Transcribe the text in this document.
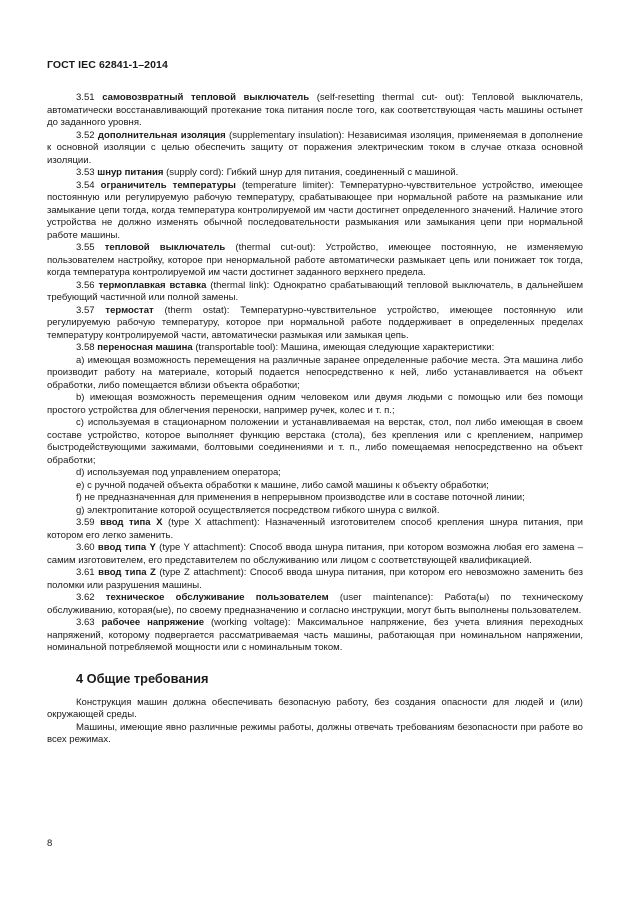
ГОСТ IEC 62841-1–2014

3.51 самовозвратный тепловой выключатель (self-resetting thermal cut- out): Тепловой выключатель, автоматически восстанавливающий протекание тока питания после того, как соответствующая часть машины остынет до заданного уровня.

3.52 дополнительная изоляция (supplementary insulation): Независимая изоляция, применяемая в дополнение к основной изоляции с целью обеспечить защиту от поражения электрическим током в случае отказа основной изоляции.

3.53 шнур питания (supply cord): Гибкий шнур для питания, соединенный с машиной.

3.54 ограничитель температуры (temperature limiter): Температурно-чувствительное устройство, имеющее постоянную или регулируемую рабочую температуру, срабатывающее при нормальной работе на размыкание или замыкание цепи тогда, когда температура контролируемой им части достигнет определенного значений. Наличие этого устройства не должно изменять обычной последовательности размыкания или замыкания цепи при нормальной работе машины.

3.55 тепловой выключатель (thermal cut-out): Устройство, имеющее постоянную, не изменяемую пользователем настройку, которое при ненормальной работе автоматически размыкает цепь или понижает ток тогда, когда температура контролируемой им части достигнет заданного верхнего предела.

3.56 термоплавкая вставка (thermal link): Однократно срабатывающий тепловой выключатель, в дальнейшем требующий частичной или полной замены.

3.57 термостат (therm ostat): Температурно-чувствительное устройство, имеющее постоянную или регулируемую рабочую температуру, которое при нормальной работе поддерживает в определенных пределах температуру контролируемой части, автоматически размыкая или замыкая цепь.

3.58 переносная машина (transportable tool): Машина, имеющая следующие характеристики:

а) имеющая возможность перемещения на различные заранее определенные рабочие места. Эта машина либо производит работу на материале, который подается непосредственно к ней, либо устанавливается на объект обработки, либо помещается вблизи объекта обработки;

b) имеющая возможность перемещения одним человеком или двумя людьми с помощью или без помощи простого устройства для облегчения переноски, например ручек, колес и т. п.;

c) используемая в стационарном положении и устанавливаемая на верстак, стол, пол либо имеющая в своем составе устройство, которое выполняет функцию верстака (стола), без крепления или с креплением, например быстродействующими зажимами, болтовыми соединениями и т. п., либо помещаемая непосредственно на объект обработки;

d) используемая под управлением оператора;

e) с ручной подачей объекта обработки к машине, либо самой машины к объекту обработки;

f) не предназначенная для применения в непрерывном производстве или в составе поточной линии;

g) электропитание которой осуществляется посредством гибкого шнура с вилкой.

3.59 ввод типа X (type X attachment): Назначенный изготовителем способ крепления шнура питания, при котором его легко заменить.

3.60 ввод типа Y (type Y attachment): Способ ввода шнура питания, при котором возможна любая его замена – самим изготовителем, его представителем по обслуживанию или лицом с соответствующей квалификацией.

3.61 ввод типа Z (type Z attachment): Способ ввода шнура питания, при котором его невозможно заменить без поломки или разрушения машины.

3.62 техническое обслуживание пользователем (user maintenance): Работа(ы) по техническому обслуживанию, которая(ые), по своему предназначению и согласно инструкции, могут быть выполнены пользователем.

3.63 рабочее напряжение (working voltage): Максимальное напряжение, без учета влияния переходных напряжений, которому подвергается рассматриваемая часть машины, работающая при номинальном напряжении, номинальной потребляемой мощности или с номинальным током.

4 Общие требования

Конструкция машин должна обеспечивать безопасную работу, без создания опасности для людей и (или) окружающей среды.

Машины, имеющие явно различные режимы работы, должны отвечать требованиям безопасности при работе во всех режимах.

8
